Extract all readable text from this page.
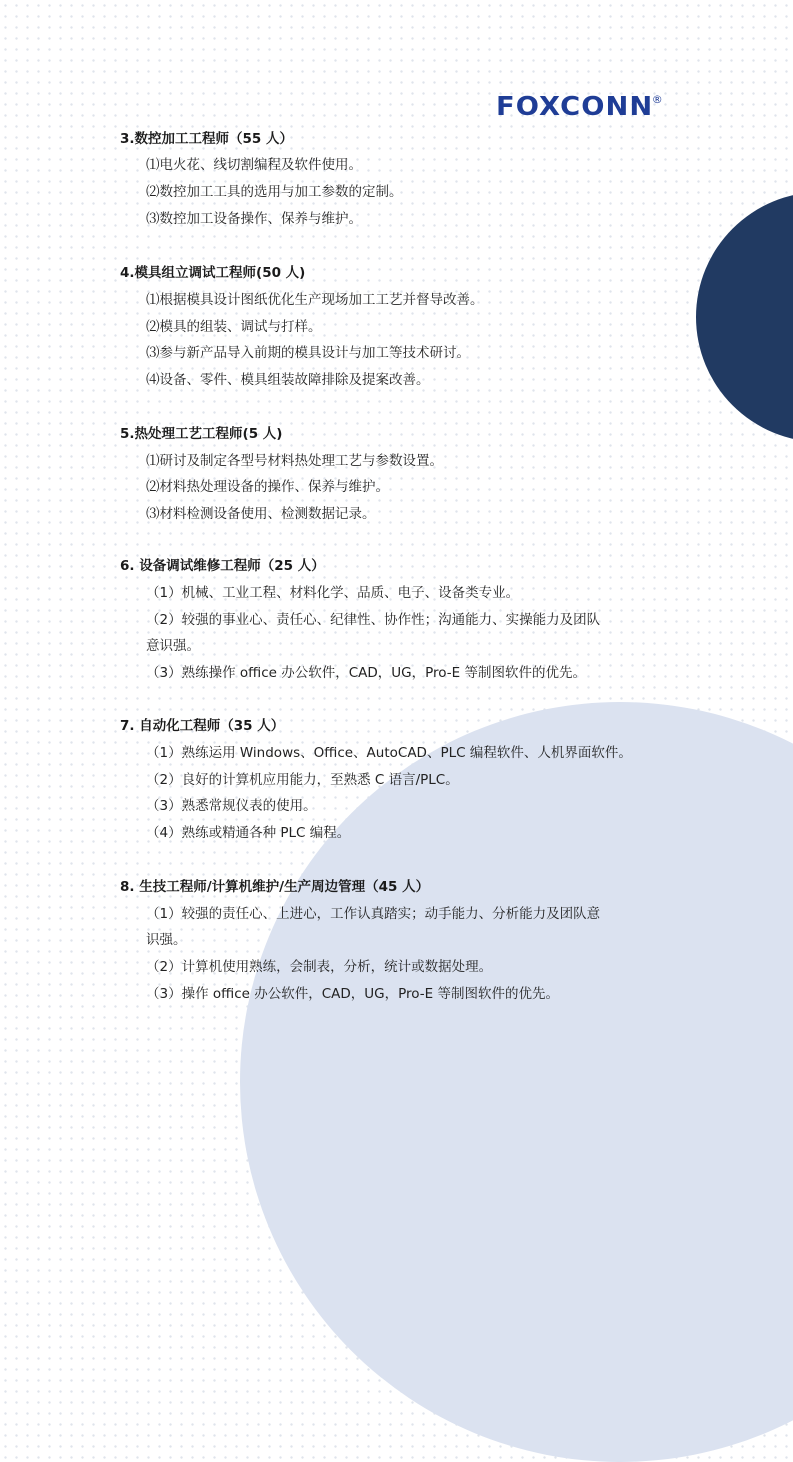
FOXCONN
®
3.数控加工工程师（55 人）
⑴电火花、线切割编程及软件使用。
⑵数控加工工具的选用与加工参数的定制。
⑶数控加工设备操作、保养与维护。
4.模具组立调试工程师(50 人)
⑴根据模具设计图纸优化生产现场加工工艺并督导改善。
⑵模具的组装、调试与打样。
⑶参与新产品导入前期的模具设计与加工等技术研讨。
⑷设备、零件、模具组装故障排除及提案改善。
5.热处理工艺工程师(5 人)
⑴研讨及制定各型号材料热处理工艺与参数设置。
⑵材料热处理设备的操作、保养与维护。
⑶材料检测设备使用、检测数据记录。
6. 设备调试维修工程师（25 人）
（1）机械、工业工程、材料化学、品质、电子、设备类专业。
（2）较强的事业心、责任心、纪律性、协作性；沟通能力、实操能力及团队
意识强。
（3）熟练操作 office 办公软件，CAD，UG，Pro-E 等制图软件的优先。
7. 自动化工程师（35 人）
（1）熟练运用 Windows、Office、AutoCAD、PLC 编程软件、人机界面软件。
（2）良好的计算机应用能力，至熟悉 C 语言/PLC。
（3）熟悉常规仪表的使用。
（4）熟练或精通各种 PLC 编程。
8. 生技工程师/计算机维护/生产周边管理（45 人）
（1）较强的责任心、上进心，工作认真踏实；动手能力、分析能力及团队意
识强。
（2）计算机使用熟练，会制表，分析，统计或数据处理。
（3）操作 office 办公软件，CAD，UG，Pro-E 等制图软件的优先。
